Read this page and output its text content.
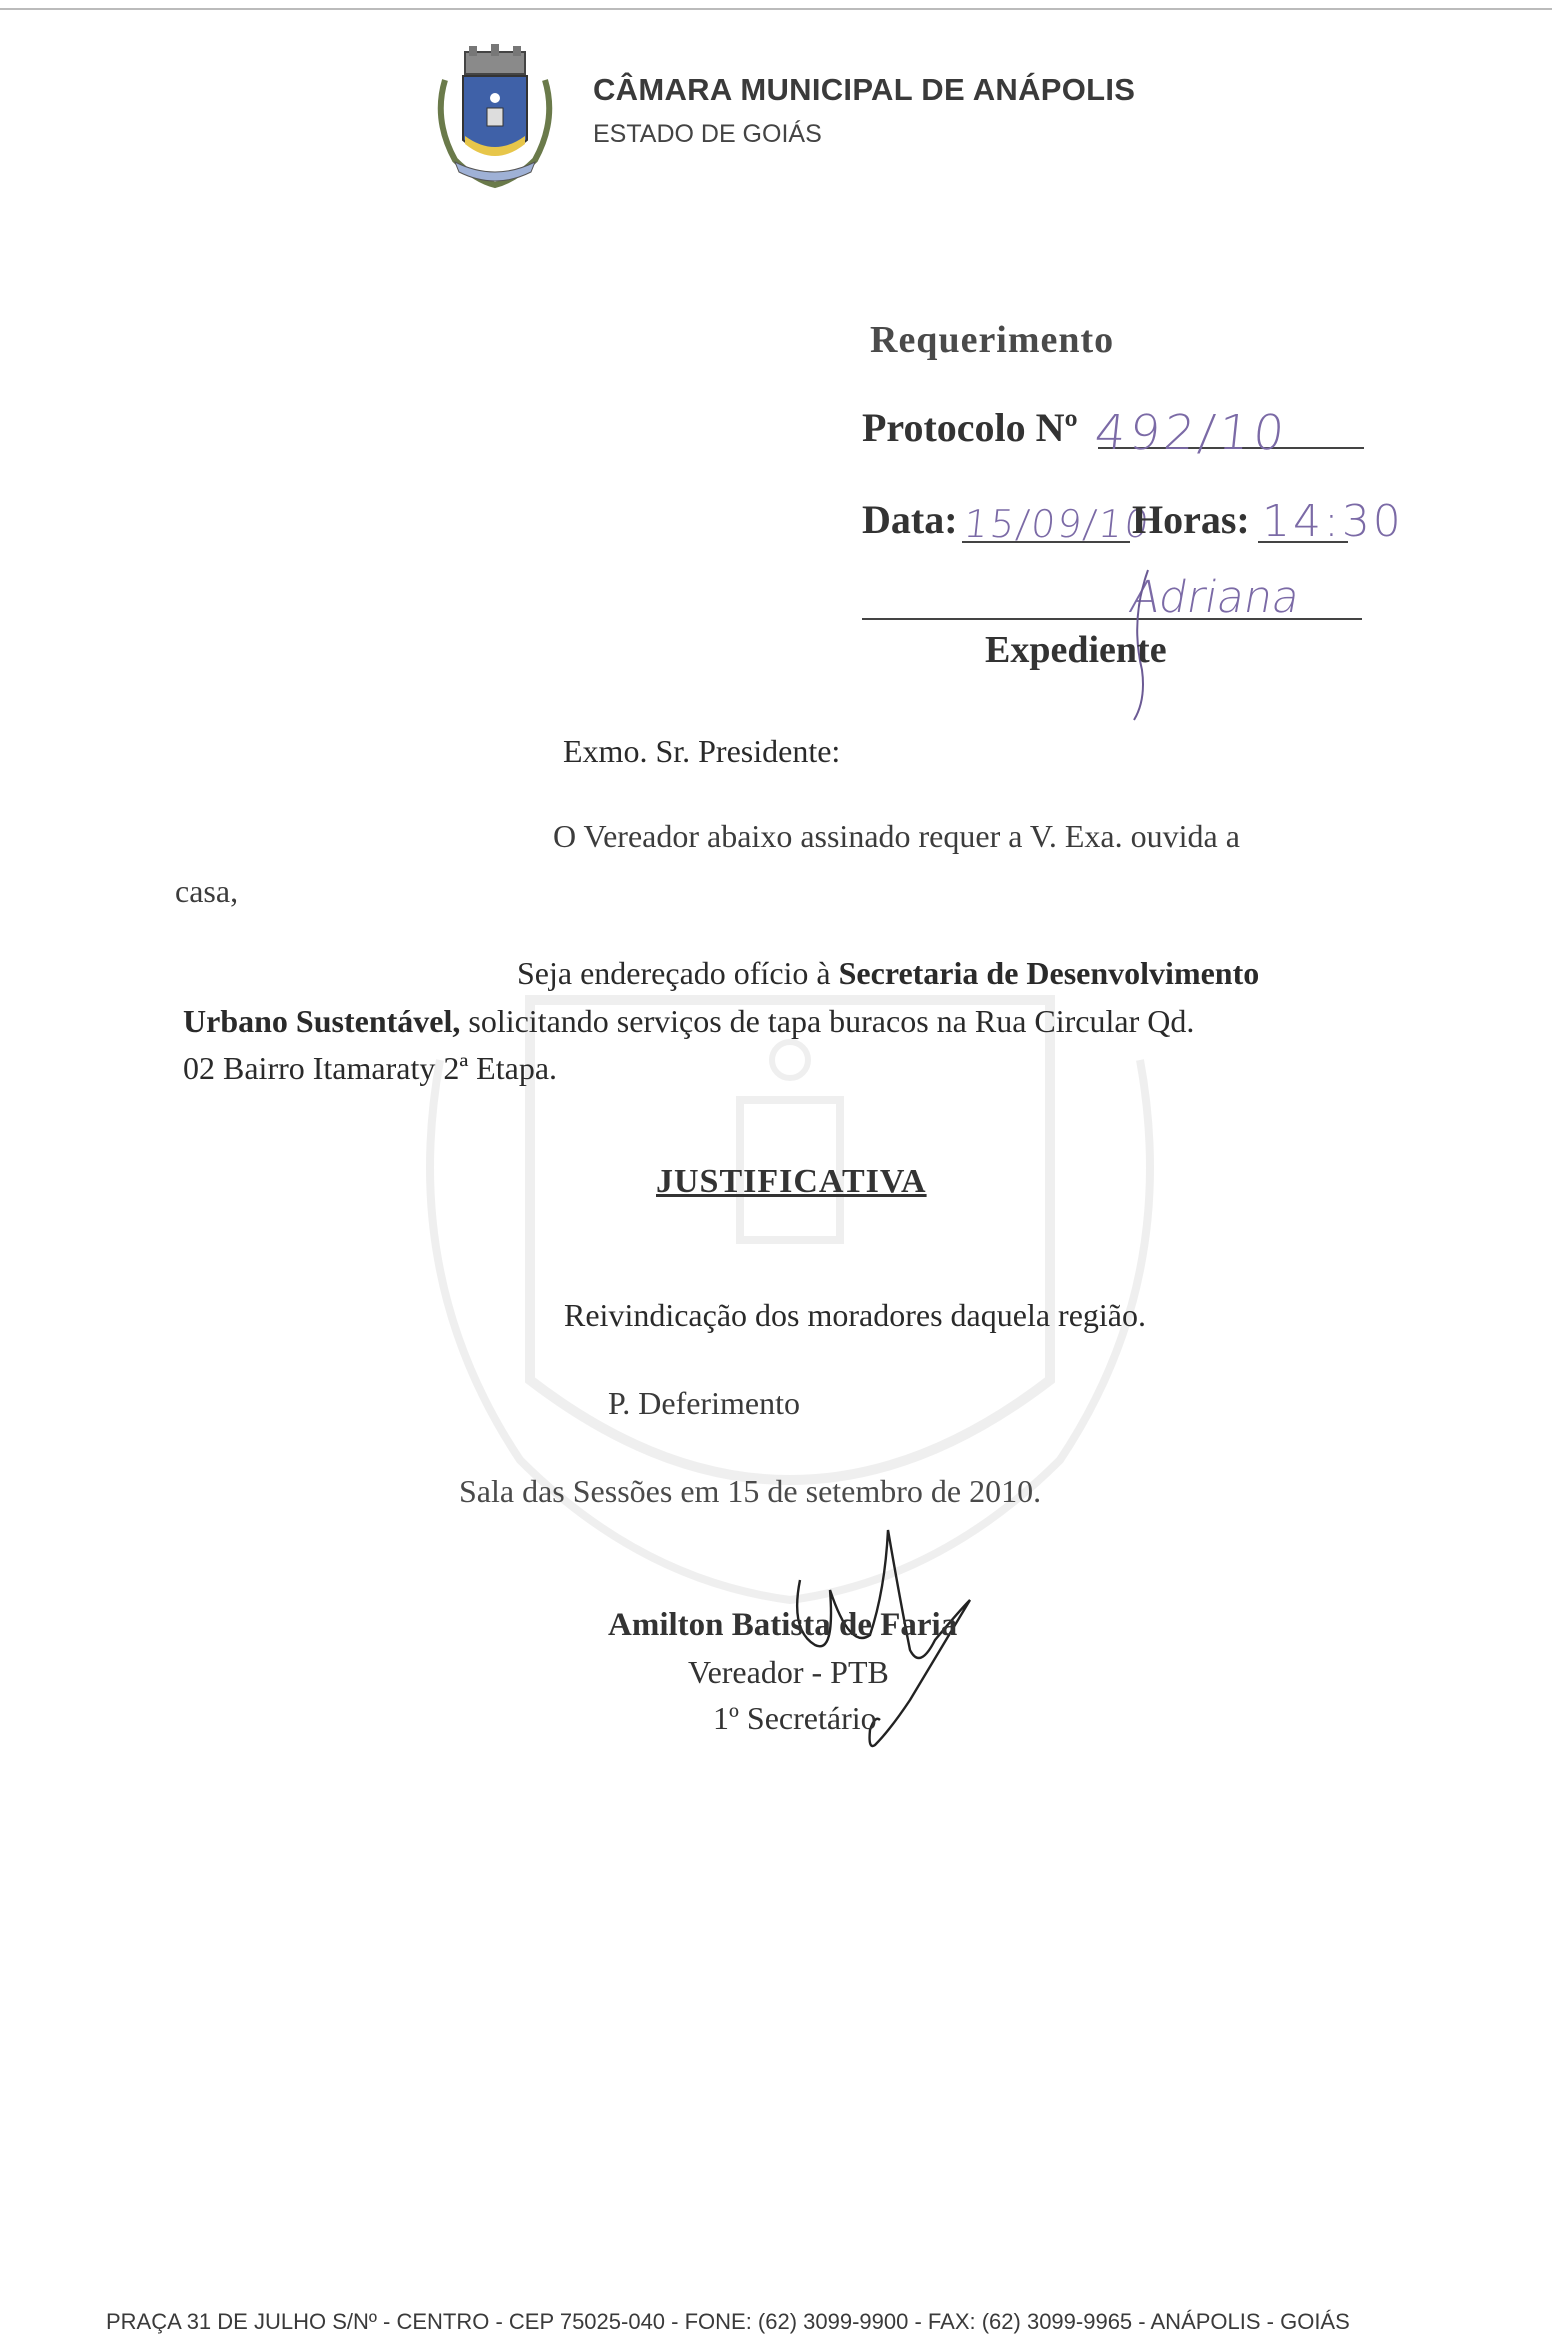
CÂMARA MUNICIPAL DE ANÁPOLIS
ESTADO DE GOIÁS
Requerimento
Protocolo Nº 492/10
Data: 15/09/10
Horas: 14:30
Adriana
Expediente
Exmo. Sr. Presidente:
O Vereador abaixo assinado requer a V. Exa. ouvida a
casa,
Seja endereçado ofício à Secretaria de Desenvolvimento
Urbano Sustentável, solicitando serviços de tapa buracos na Rua Circular Qd.
02 Bairro Itamaraty 2ª Etapa.
JUSTIFICATIVA
Reivindicação dos moradores daquela região.
P. Deferimento
Sala das Sessões em 15 de setembro de 2010.
Amilton Batista de Faria
Vereador - PTB
1º Secretário
PRAÇA 31 DE JULHO S/Nº - CENTRO - CEP 75025-040 - FONE: (62) 3099-9900 - FAX: (62) 3099-9965 - ANÁPOLIS - GOIÁS
